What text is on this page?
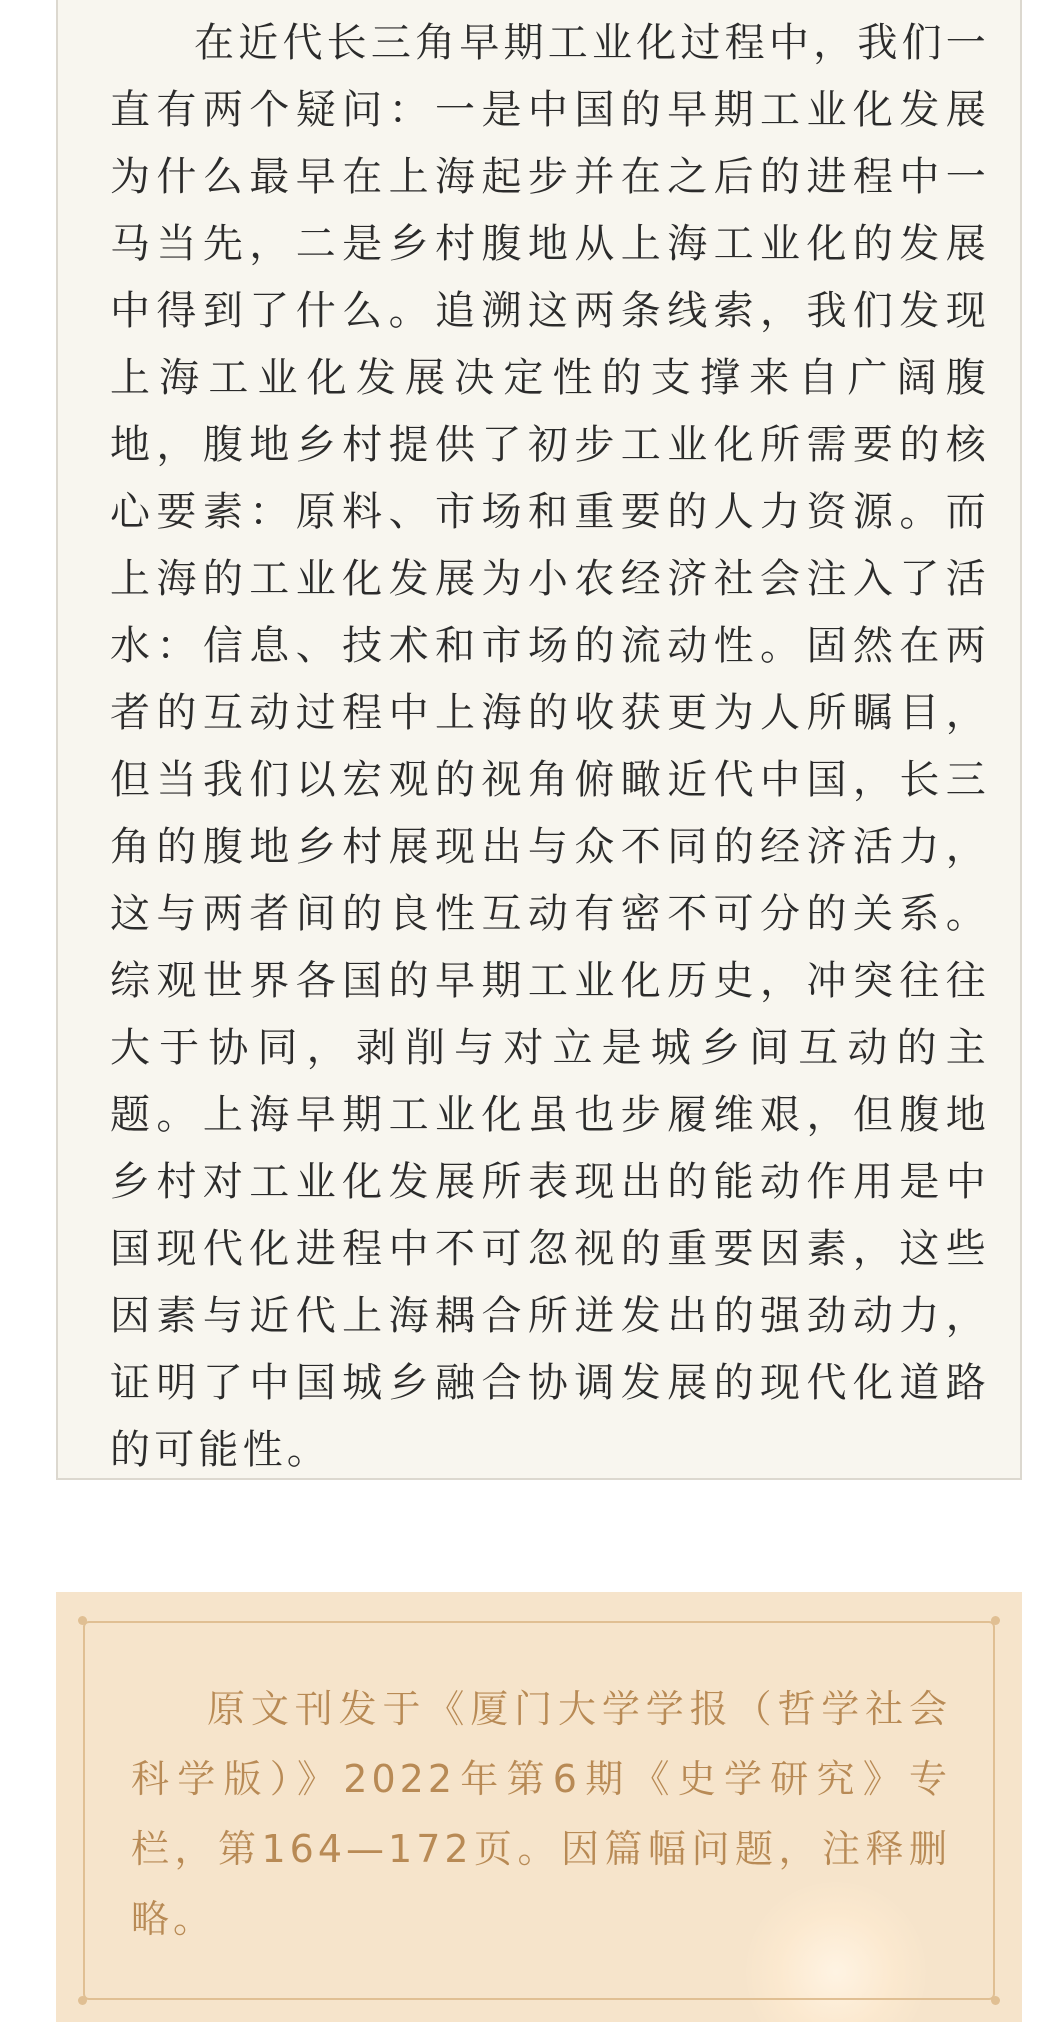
在近代长三角早期工业化过程中，我们一直有两个疑问：一是中国的早期工业化发展为什么最早在上海起步并在之后的进程中一马当先，二是乡村腹地从上海工业化的发展中得到了什么。追溯这两条线索，我们发现上海工业化发展决定性的支撑来自广阔腹地，腹地乡村提供了初步工业化所需要的核心要素：原料、市场和重要的人力资源。而上海的工业化发展为小农经济社会注入了活水：信息、技术和市场的流动性。固然在两者的互动过程中上海的收获更为人所瞩目，但当我们以宏观的视角俯瞰近代中国，长三角的腹地乡村展现出与众不同的经济活力，这与两者间的良性互动有密不可分的关系。综观世界各国的早期工业化历史，冲突往往大于协同，剥削与对立是城乡间互动的主题。上海早期工业化虽也步履维艰，但腹地乡村对工业化发展所表现出的能动作用是中国现代化进程中不可忽视的重要因素，这些因素与近代上海耦合所迸发出的强劲动力，证明了中国城乡融合协调发展的现代化道路的可能性。

原文刊发于《厦门大学学报（哲学社会科学版）》2022年第6期《史学研究》专栏，第164—172页。因篇幅问题，注释删略。
